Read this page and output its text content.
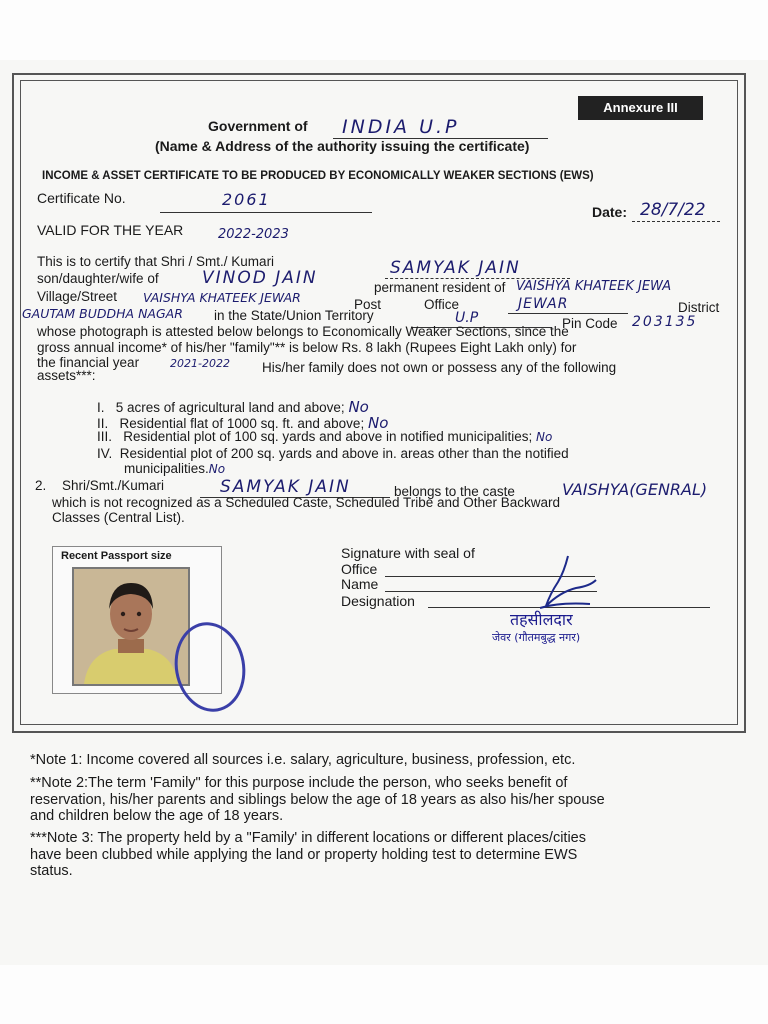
Annexure III
Government of INDIA U.P
(Name & Address of the authority issuing the certificate)
INCOME & ASSET CERTIFICATE TO BE PRODUCED BY ECONOMICALLY WEAKER SECTIONS (EWS)
Certificate No.	2061
Date: 28/7/22
VALID FOR THE YEAR	2022-2023
This is to certify that Shri / Smt./ Kumari	SAMYAK JAIN
son/daughter/wife of	VINOD JAIN	permanent resident of VAISHYA KHATEEK JEWA
Village/Street VAISHYA KHATEEK JEWAR	Post	Office	JEWAR	District
GAUTAM BUDDHA NAGAR in the State/Union Territory	U.P	Pin Code 203135
whose photograph is attested below belongs to Economically Weaker Sections, since the
gross annual income* of his/her "family"** is below Rs. 8 lakh (Rupees Eight Lakh only) for
the financial year	2021-2022 His/her family does not own or possess any of the following
assets***:
I. 5 acres of agricultural land and above; No
II. Residential flat of 1000 sq. ft. and above; No
III. Residential plot of 100 sq. yards and above in notified municipalities; No
IV. Residential plot of 200 sq. yards and above in. areas other than the notified
municipalities.No
2. Shri/Smt./Kumari	SAMYAK JAIN	belongs to the caste	VAISHYA(GENRAL)
which is not recognized as a Scheduled Caste, Scheduled Tribe and Other Backward
Classes (Central List).
Recent Passport size	Signature with seal of
Office
Name
Designation
तहसीलदार
जेवर (गौतमबुद्ध नगर)
*Note 1: Income covered all sources i.e. salary, agriculture, business, profession, etc.
**Note 2:The term 'Family" for this purpose include the person, who seeks benefit of
reservation, his/her parents and siblings below the age of 18 years as also his/her spouse
and children below the age of 18 years.
***Note 3: The property held by a "Family' in different locations or different places/cities
have been clubbed while applying the land or property holding test to determine EWS
status.
